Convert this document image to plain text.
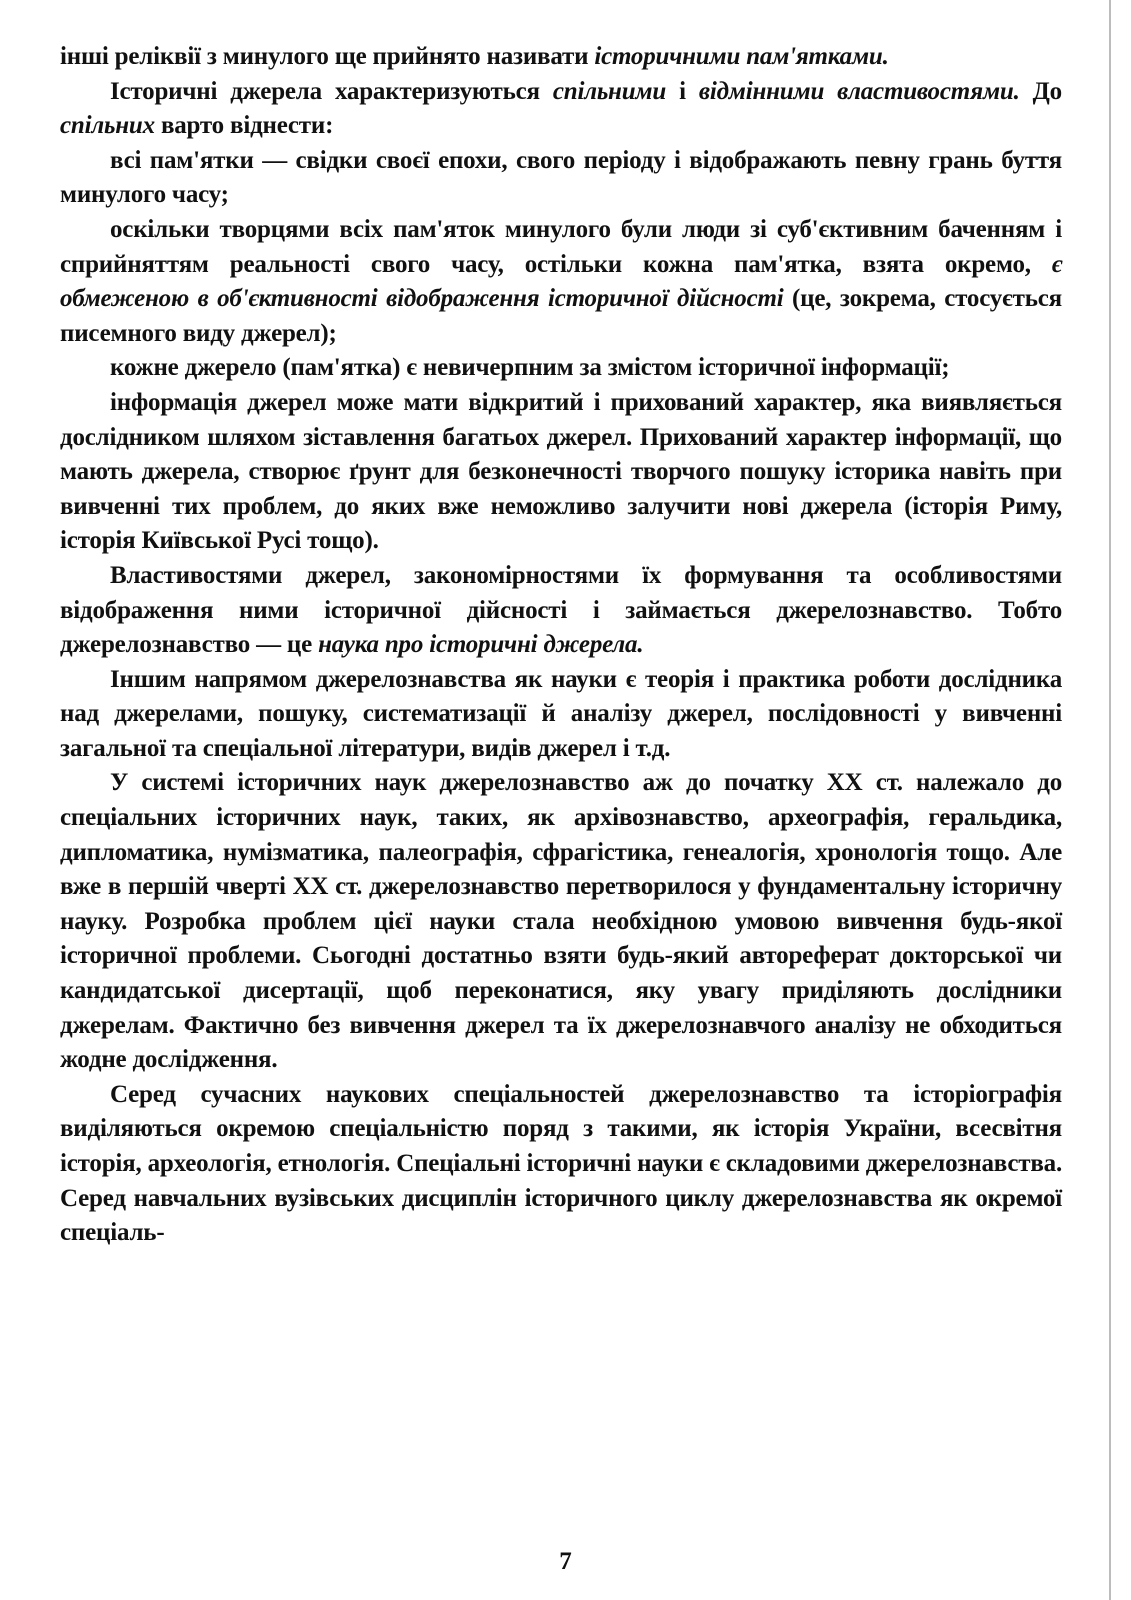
інші реліквії з минулого ще прийнято називати історичними пам'ятками.

Історичні джерела характеризуються спільними і відмінними властивостями. До спільних варто віднести:

всі пам'ятки — свідки своєї епохи, свого періоду і відображають певну грань буття минулого часу;

оскільки творцями всіх пам'яток минулого були люди зі суб'єктивним баченням і сприйняттям реальності свого часу, остільки кожна пам'ятка, взята окремо, є обмеженою в об'єктивності відображення історичної дійсності (це, зокрема, стосується писемного виду джерел);

кожне джерело (пам'ятка) є невичерпним за змістом історичної інформації;

інформація джерел може мати відкритий і прихований характер, яка виявляється дослідником шляхом зіставлення багатьох джерел. Прихований характер інформації, що мають джерела, створює ґрунт для безконечності творчого пошуку історика навіть при вивченні тих проблем, до яких вже неможливо залучити нові джерела (історія Риму, історія Київської Русі тощо).

Властивостями джерел, закономірностями їх формування та особливостями відображення ними історичної дійсності і займається джерелознавство. Тобто джерелознавство — це наука про історичні джерела.

Іншим напрямом джерелознавства як науки є теорія і практика роботи дослідника над джерелами, пошуку, систематизації й аналізу джерел, послідовності у вивченні загальної та спеціальної літератури, видів джерел і т.д.

У системі історичних наук джерелознавство аж до початку XX ст. належало до спеціальних історичних наук, таких, як архівознавство, археографія, геральдика, дипломатика, нумізматика, палеографія, сфрагістика, генеалогія, хронологія тощо. Але вже в першій чверті XX ст. джерелознавство перетворилося у фундаментальну історичну науку. Розробка проблем цієї науки стала необхідною умовою вивчення будь-якої історичної проблеми. Сьогодні достатньо взяти будь-який автореферат докторської чи кандидатської дисертації, щоб переконатися, яку увагу приділяють дослідники джерелам. Фактично без вивчення джерел та їх джерелознавчого аналізу не обходиться жодне дослідження.

Серед сучасних наукових спеціальностей джерелознавство та історіографія виділяються окремою спеціальністю поряд з такими, як історія України, всесвітня історія, археологія, етнологія. Спеціальні історичні науки є складовими джерелознавства. Серед навчальних вузівських дисциплін історичного циклу джерелознавства як окремої спеціаль-

7
